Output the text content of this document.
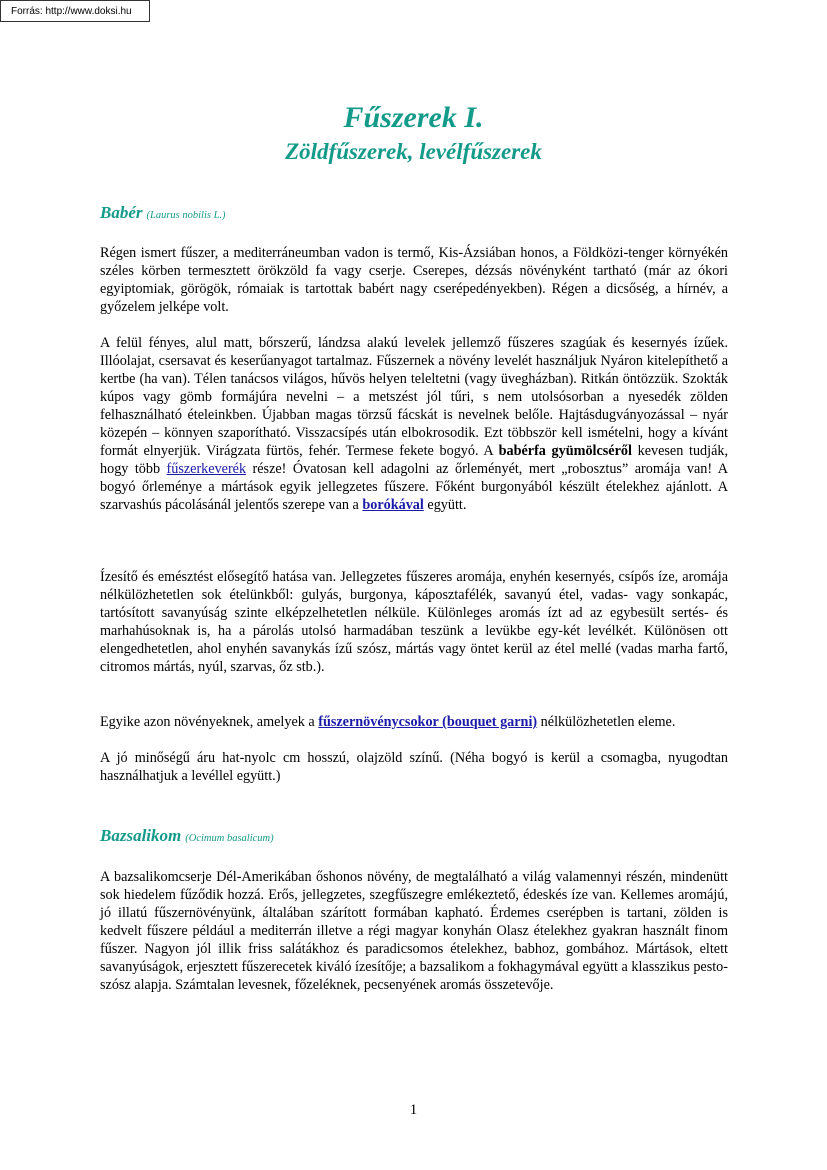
Forrás: http://www.doksi.hu
Fűszerek I.
Zöldfűszerek, levélfűszerek

Babér (Laurus nobilis L.)

Régen ismert fűszer, a mediterráneumban vadon is termő, Kis-Ázsiában honos, a Földközi-tenger környékén széles körben termesztett örökzöld fa vagy cserje. Cserepes, dézsás növényként tartható (már az ókori egyiptomiak, görögök, rómaiak is tartottak babért nagy cserépedényekben). Régen a dicsőség, a hírnév, a győzelem jelképe volt.

A felül fényes, alul matt, bőrszerű, lándzsa alakú levelek jellemző fűszeres szagúak és kesernyés ízűek. Illóolajat, csersavat és keserűanyagot tartalmaz. Fűszernek a növény levelét használjuk Nyáron kitelepíthető a kertbe (ha van). Télen tanácsos világos, hűvös helyen teleltetni (vagy üvegházban). Ritkán öntözzük. Szokták kúpos vagy gömb formájúra nevelni – a metszést jól tűri, s nem utolsósorban a nyesedék zölden felhasználható ételeinkben. Újabban magas törzsű fácskát is nevelnek belőle. Hajtásdugványozással – nyár közepén – könnyen szaporítható. Visszacsípés után elbokrosodik. Ezt többször kell ismételni, hogy a kívánt formát elnyerjük. Virágzata fürtös, fehér. Termese fekete bogyó. A babérfa gyümölcséről kevesen tudják, hogy több fűszerkeverék része! Óvatosan kell adagolni az őrleményét, mert „robosztus” aromája van! A bogyó őrleménye a mártások egyik jellegzetes fűszere. Főként burgonyából készült ételekhez ajánlott. A szarvashús pácolásánál jelentős szerepe van a borókával együtt.

Ízesítő és emésztést elősegítő hatása van. Jellegzetes fűszeres aromája, enyhén kesernyés, csípős íze, aromája nélkülözhetetlen sok ételünkből: gulyás, burgonya, káposztafélék, savanyú étel, vadas- vagy sonkapác, tartósított savanyúság szinte elképzelhetetlen nélküle. Különleges aromás ízt ad az egybesült sertés- és marhahúsoknak is, ha a párolás utolsó harmadában teszünk a levükbe egy-két levélkét. Különösen ott elengedhetetlen, ahol enyhén savanykás ízű szósz, mártás vagy öntet kerül az étel mellé (vadas marha fartő, citromos mártás, nyúl, szarvas, őz stb.).

Egyike azon növényeknek, amelyek a fűszernövénycsokor (bouquet garni) nélkülözhetetlen eleme.

A jó minőségű áru hat-nyolc cm hosszú, olajzöld színű. (Néha bogyó is kerül a csomagba, nyugodtan használhatjuk a levéllel együtt.)

Bazsalikom (Ocimum basalicum)

A bazsalikomcserje Dél-Amerikában őshonos növény, de megtalálható a világ valamennyi részén, mindenütt sok hiedelem fűződik hozzá. Erős, jellegzetes, szegfűszegre emlékeztető, édeskés íze van. Kellemes aromájú, jó illatú fűszernövényünk, általában szárított formában kapható. Érdemes cserépben is tartani, zölden is kedvelt fűszere például a mediterrán illetve a régi magyar konyhán Olasz ételekhez gyakran használt finom fűszer. Nagyon jól illik friss salátákhoz és paradicsomos ételekhez, babhoz, gombához. Mártások, eltett savanyúságok, erjesztett fűszerecetek kiváló ízesítője; a bazsalikom a fokhagymával együtt a klasszikus pesto-szósz alapja. Számtalan levesnek, főzeléknek, pecsenyének aromás összetevője.

1
